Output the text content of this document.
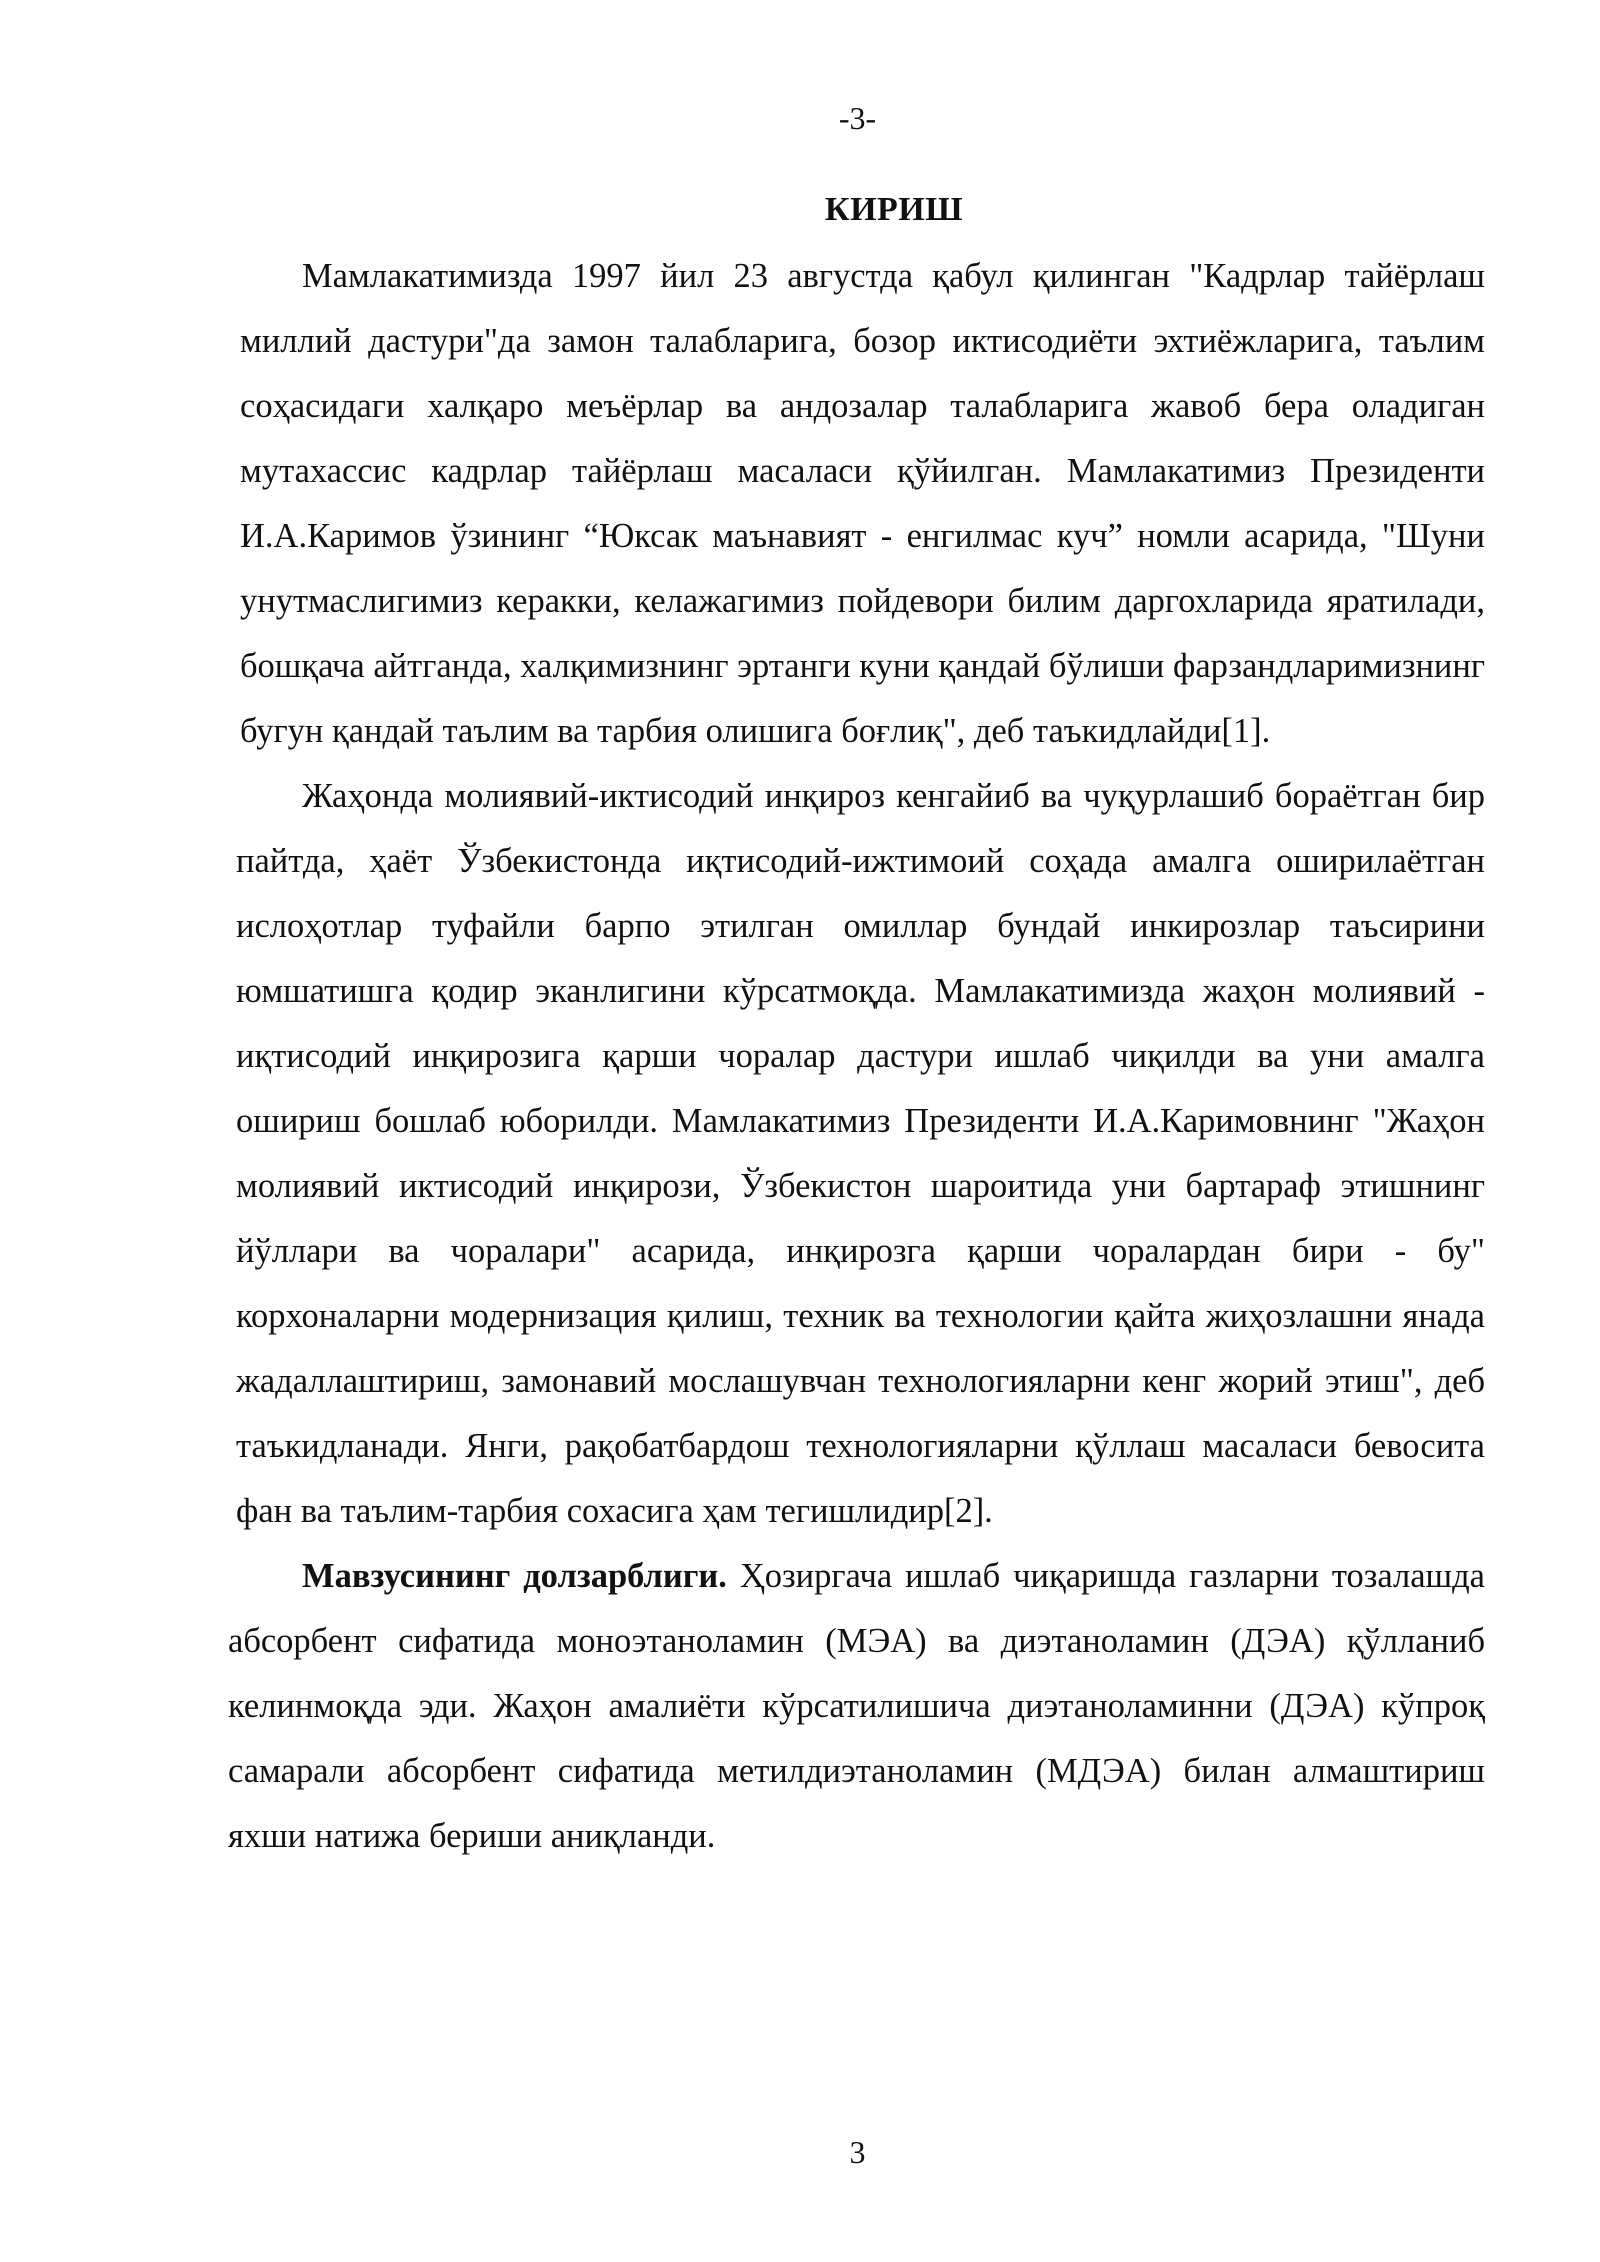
-3-
КИРИШ

Мамлакатимизда 1997 йил 23 августда қабул қилинган "Кадрлар тайёрлаш миллий дастури"да замон талабларига, бозор иктисодиёти эхтиёжларига, таълим соҳасидаги халқаро меъёрлар ва андозалар талабларига жавоб бера оладиган мутахассис кадрлар тайёрлаш масаласи қўйилган. Мамлакатимиз Президенти И.А.Каримов ўзининг “Юксак маънавият - енгилмас куч” номли асарида, "Шуни унутмаслигимиз керакки, келажагимиз пойдевори билим даргохларида яратилади, бошқача айтганда, халқимизнинг эртанги куни қандай бўлиши фарзандларимизнинг бугун қандай таълим ва тарбия олишига боғлиқ", деб таъкидлайди[1].

Жаҳонда молиявий-иктисодий инқироз кенгайиб ва чуқурлашиб бораётган бир пайтда, ҳаёт Ўзбекистонда иқтисодий-ижтимоий соҳада амалга оширилаётган ислоҳотлар туфайли барпо этилган омиллар бундай инкирозлар таъсирини юмшатишга қодир эканлигини кўрсатмоқда. Мамлакатимизда жаҳон молиявий - иқтисодий инқирозига қарши чоралар дастури ишлаб чиқилди ва уни амалга ошириш бошлаб юборилди. Мамлакатимиз Президенти И.А.Каримовнинг "Жаҳон молиявий иктисодий инқирози, Ўзбекистон шароитида уни бартараф этишнинг йўллари ва чоралари" асарида, инқирозга қарши чоралардан бири - бу" корхоналарни модернизация қилиш, техник ва технологии қайта жиҳозлашни янада жадаллаштириш, замонавий мослашувчан технологияларни кенг жорий этиш", деб таъкидланади. Янги, рақобатбардош технологияларни қўллаш масаласи бевосита фан ва таълим-тарбия сохасига ҳам тегишлидир[2].

Мавзусининг долзарблиги. Ҳозиргача ишлаб чиқаришда газларни тозалашда абсорбент сифатида моноэтаноламин (МЭА) ва диэтаноламин (ДЭА) қўлланиб келинмоқда эди. Жаҳон амалиёти кўрсатилишича диэтаноламинни (ДЭА) кўпроқ самарали абсорбент сифатида метилдиэтаноламин (МДЭА) билан алмаштириш яхши натижа бериши аниқланди.

3
